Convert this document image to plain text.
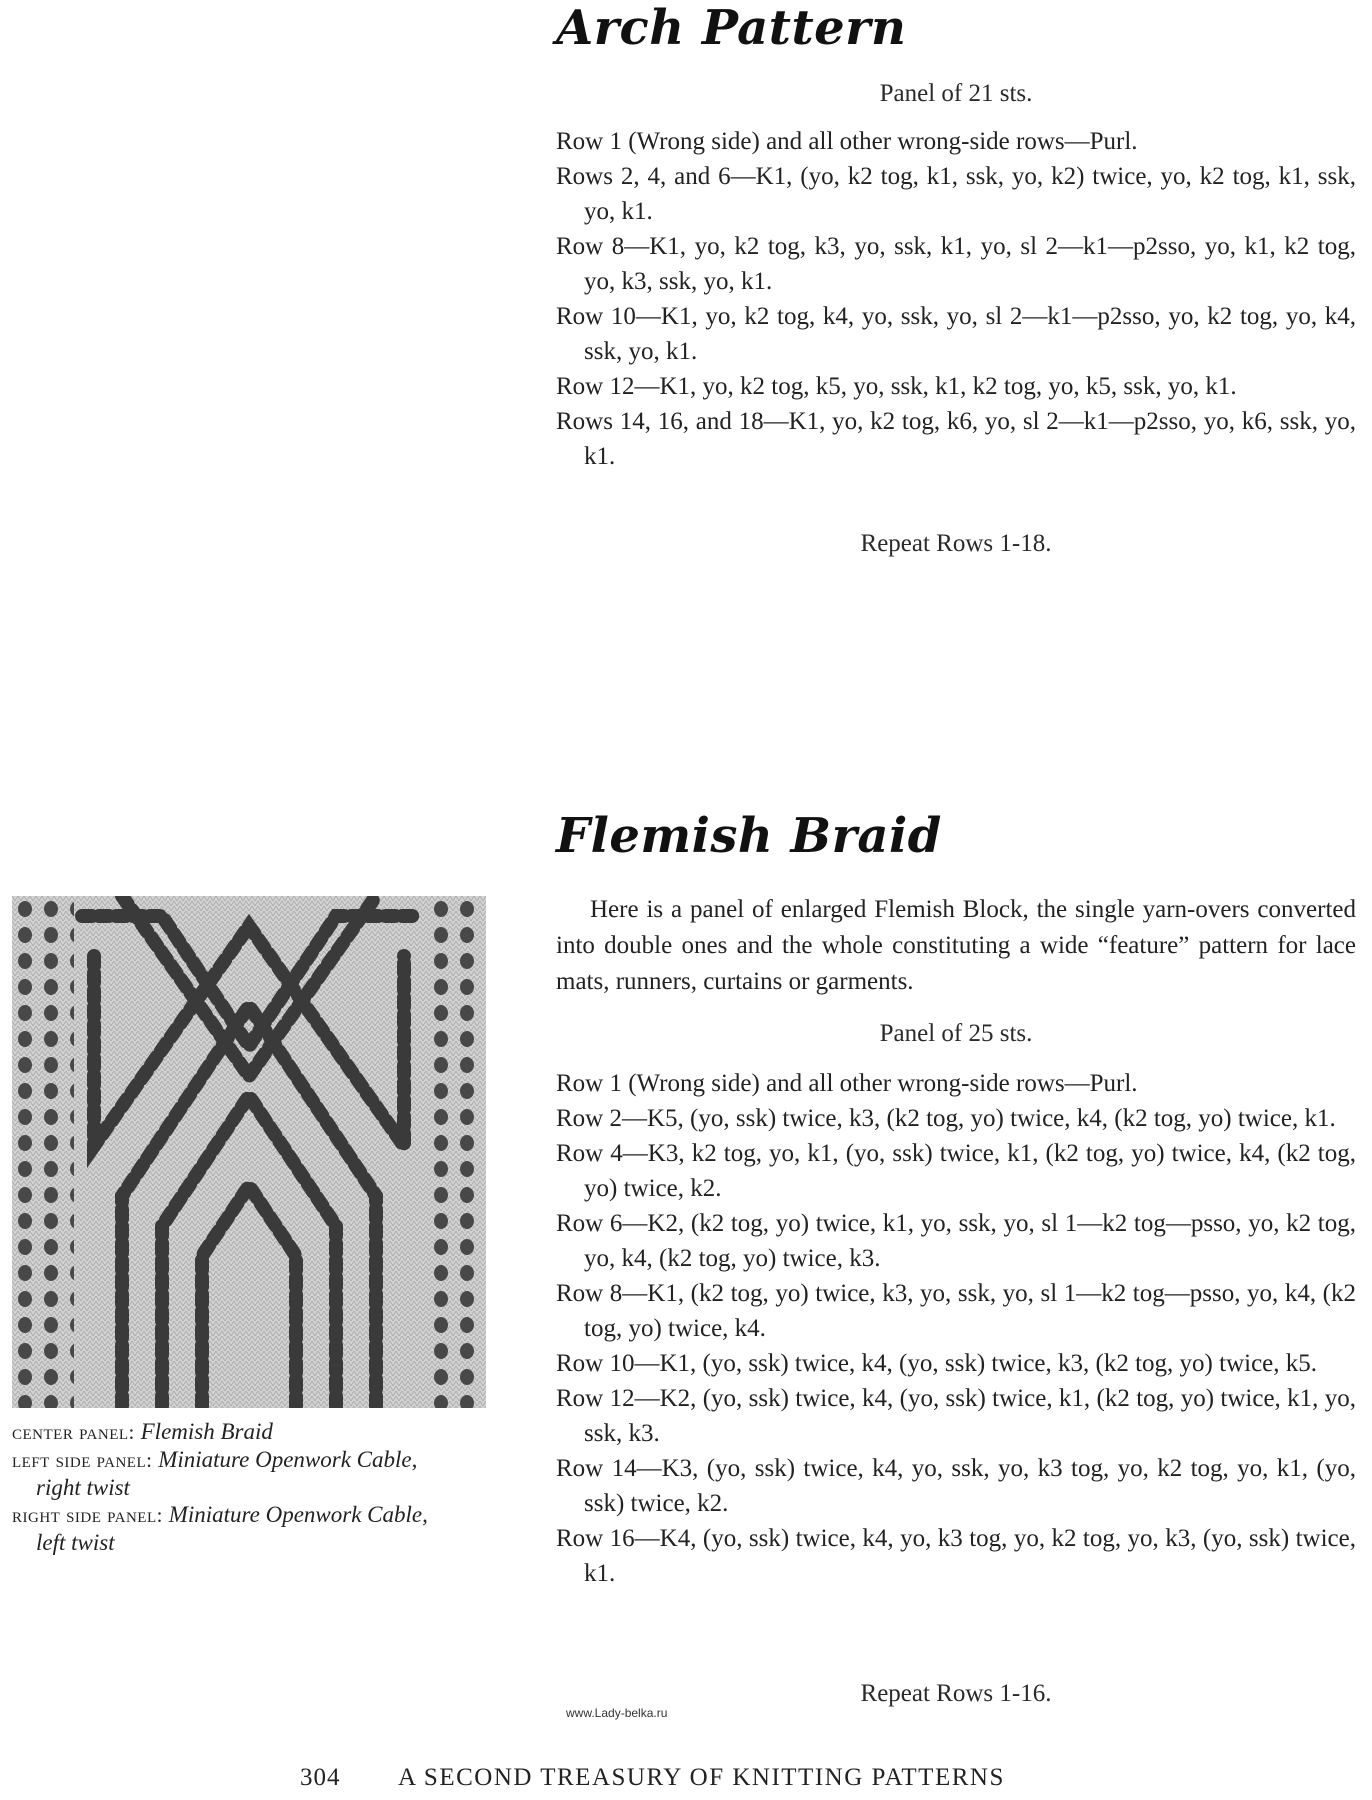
Arch Pattern
Panel of 21 sts.

Row 1 (Wrong side) and all other wrong-side rows—Purl.

Rows 2, 4, and 6—K1, (yo, k2 tog, k1, ssk, yo, k2) twice, yo, k2 tog, k1, ssk, yo, k1.

Row 8—K1, yo, k2 tog, k3, yo, ssk, k1, yo, sl 2—k1—p2sso, yo, k1, k2 tog, yo, k3, ssk, yo, k1.

Row 10—K1, yo, k2 tog, k4, yo, ssk, yo, sl 2—k1—p2sso, yo, k2 tog, yo, k4, ssk, yo, k1.

Row 12—K1, yo, k2 tog, k5, yo, ssk, k1, k2 tog, yo, k5, ssk, yo, k1.

Rows 14, 16, and 18—K1, yo, k2 tog, k6, yo, sl 2—k1—p2sso, yo, k6, ssk, yo, k1.

Repeat Rows 1-18.
Flemish Braid

Here is a panel of enlarged Flemish Block, the single yarn-overs converted into double ones and the whole constituting a wide “feature” pattern for lace mats, runners, curtains or garments.

Panel of 25 sts.

Row 1 (Wrong side) and all other wrong-side rows—Purl.

Row 2—K5, (yo, ssk) twice, k3, (k2 tog, yo) twice, k4, (k2 tog, yo) twice, k1.

Row 4—K3, k2 tog, yo, k1, (yo, ssk) twice, k1, (k2 tog, yo) twice, k4, (k2 tog, yo) twice, k2.

Row 6—K2, (k2 tog, yo) twice, k1, yo, ssk, yo, sl 1—k2 tog—psso, yo, k2 tog, yo, k4, (k2 tog, yo) twice, k3.

Row 8—K1, (k2 tog, yo) twice, k3, yo, ssk, yo, sl 1—k2 tog—psso, yo, k4, (k2 tog, yo) twice, k4.

Row 10—K1, (yo, ssk) twice, k4, (yo, ssk) twice, k3, (k2 tog, yo) twice, k5.

Row 12—K2, (yo, ssk) twice, k4, (yo, ssk) twice, k1, (k2 tog, yo) twice, k1, yo, ssk, k3.

Row 14—K3, (yo, ssk) twice, k4, yo, ssk, yo, k3 tog, yo, k2 tog, yo, k1, (yo, ssk) twice, k2.

Row 16—K4, (yo, ssk) twice, k4, yo, k3 tog, yo, k2 tog, yo, k3, (yo, ssk) twice, k1.

Repeat Rows 1-16.

center panel: Flemish Braid

left side panel: Miniature Openwork Cable,

right twist

right side panel: Miniature Openwork Cable,

left twist

www.Lady-belka.ru
304 A SECOND TREASURY OF KNITTING PATTERNS
